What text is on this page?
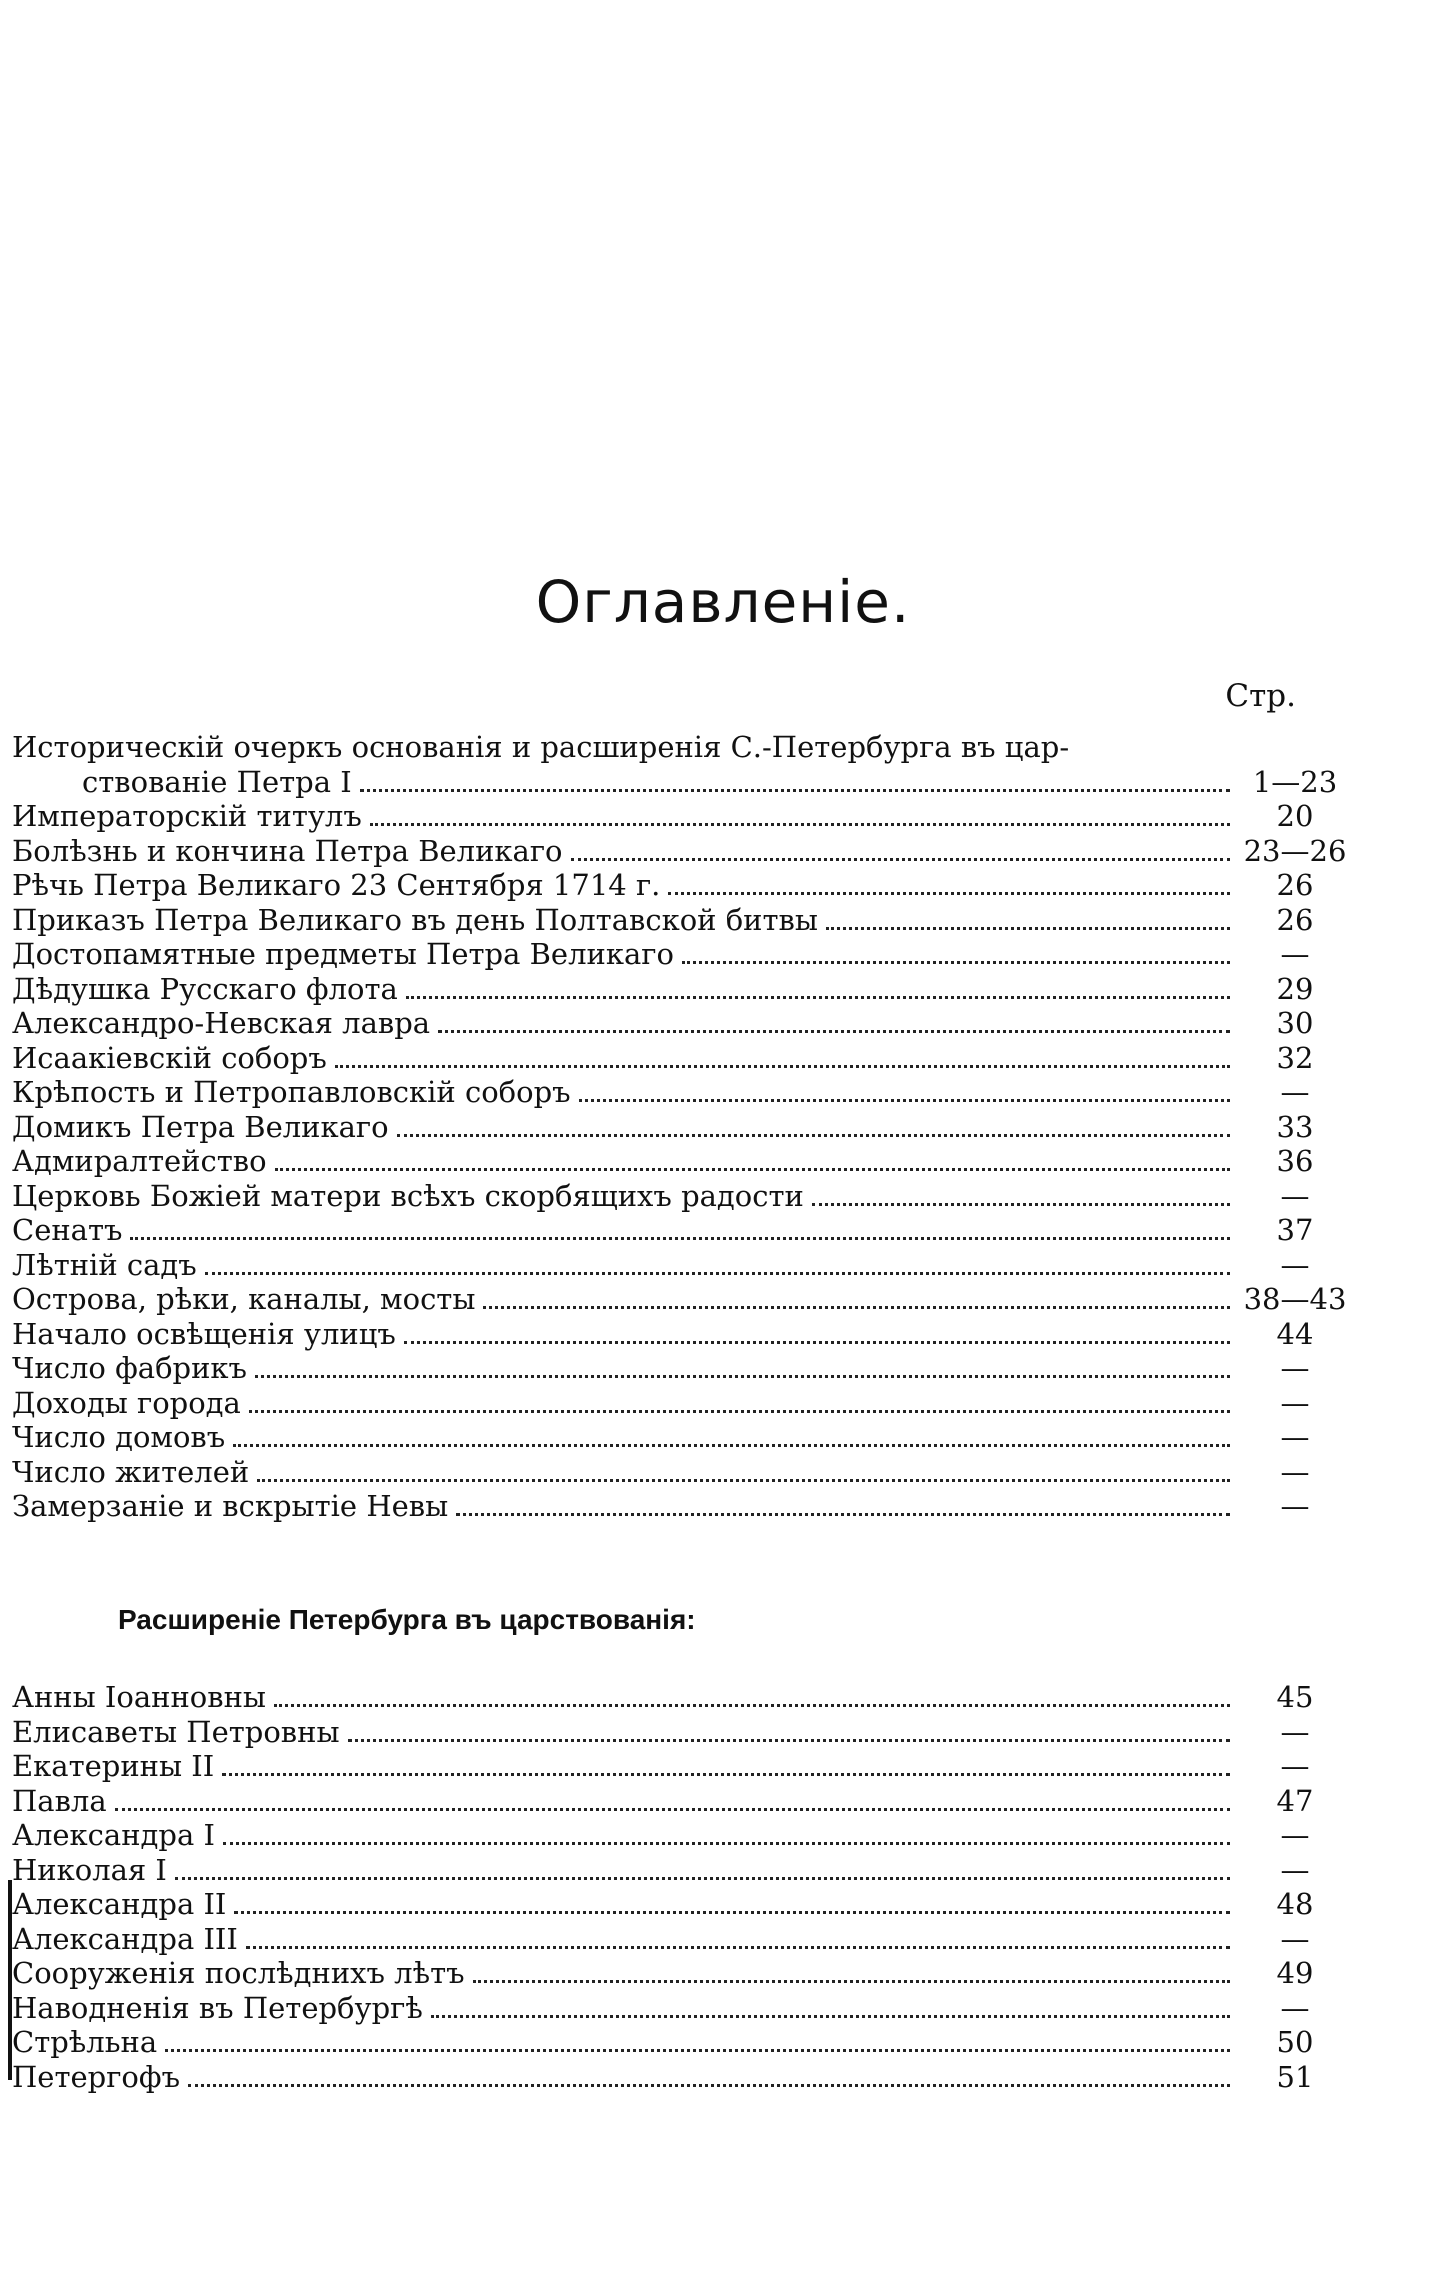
Оглавленіе.
Стр.
Историческій очеркъ основанія и расширенія С.-Петербурга въ цар-
ствованіе Петра I	1—23
Императорскій титулъ	20
Болѣзнь и кончина Петра Великаго	23—26
Рѣчь Петра Великаго 23 Сентября 1714 г.	26
Приказъ Петра Великаго въ день Полтавской битвы	26
Достопамятные предметы Петра Великаго	—
Дѣдушка Русскаго флота	29
Александро-Невская лавра	30
Исаакіевскій соборъ	32
Крѣпость и Петропавловскій соборъ	—
Домикъ Петра Великаго	33
Адмиралтейство	36
Церковь Божіей матери всѣхъ скорбящихъ радости	—
Сенатъ	37
Лѣтній садъ	—
Острова, рѣки, каналы, мосты	38—43
Начало освѣщенія улицъ	44
Число фабрикъ	—
Доходы города	—
Число домовъ	—
Число жителей	—
Замерзаніе и вскрытіе Невы	—
Расширеніе Петербурга въ царствованія:
Анны Іоанновны	45
Елисаветы Петровны	—
Екатерины II	—
Павла	47
Александра I	—
Николая I	—
Александра II	48
Александра III	—
Сооруженія послѣднихъ лѣтъ	49
Наводненія въ Петербургѣ	—
Стрѣльна	50
Петергофъ	51
